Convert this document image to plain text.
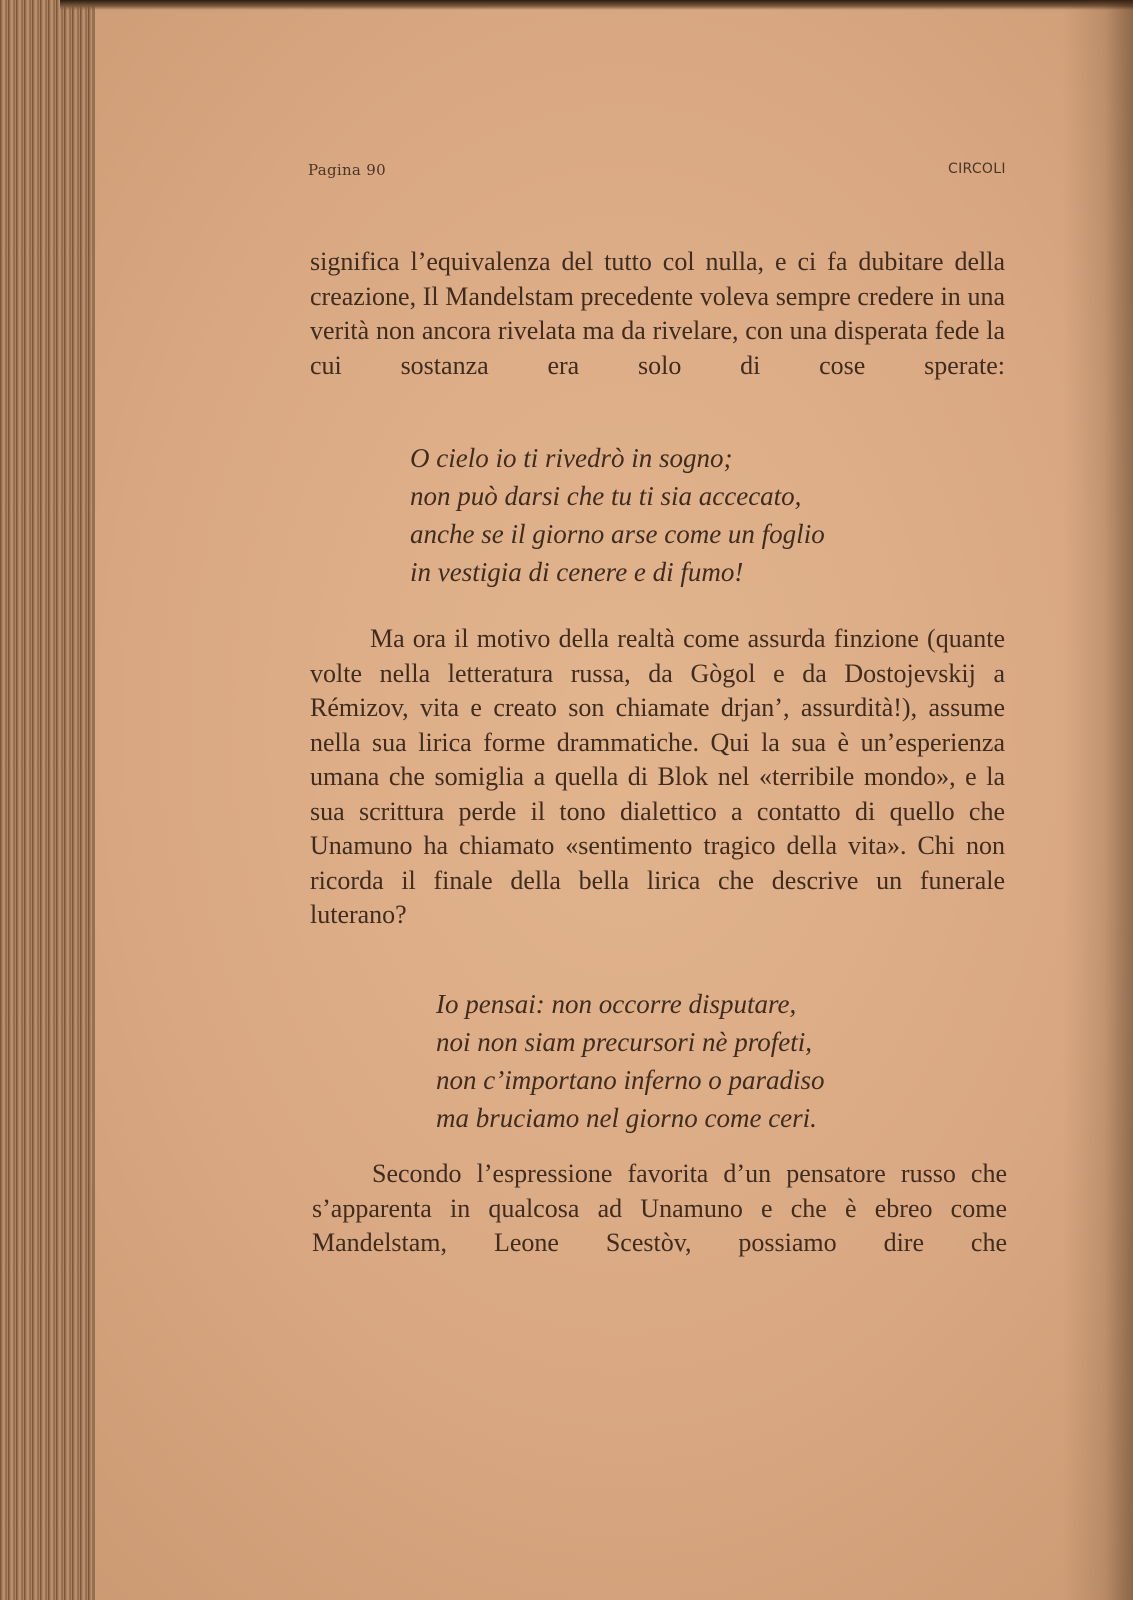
Pagina 90	CIRCOLI

significa l’equivalenza del tutto col nulla, e ci fa dubitare della creazione, Il Mandelstam precedente voleva sempre credere in una verità non ancora rivelata ma da rivelare, con una disperata fede la cui sostanza era solo di cose sperate:

O cielo io ti rivedrò in sogno;
non può darsi che tu ti sia accecato,
anche se il giorno arse come un foglio
in vestigia di cenere e di fumo!

Ma ora il motivo della realtà come assurda finzione (quante volte nella letteratura russa, da Gògol e da Dostojevskij a Rémizov, vita e creato son chiamate drjan’, assurdità!), assume nella sua lirica forme drammatiche. Qui la sua è un’esperienza umana che somiglia a quella di Blok nel «terribile mondo», e la sua scrittura perde il tono dialettico a contatto di quello che Unamuno ha chiamato «sentimento tragico della vita». Chi non ricorda il finale della bella lirica che descrive un funerale luterano?

Io pensai: non occorre disputare,
noi non siam precursori nè profeti,
non c’importano inferno o paradiso
ma bruciamo nel giorno come ceri.

Secondo l’espressione favorita d’un pensatore russo che s’apparenta in qualcosa ad Unamuno e che è ebreo come Mandelstam, Leone Scestòv, possiamo dire che
